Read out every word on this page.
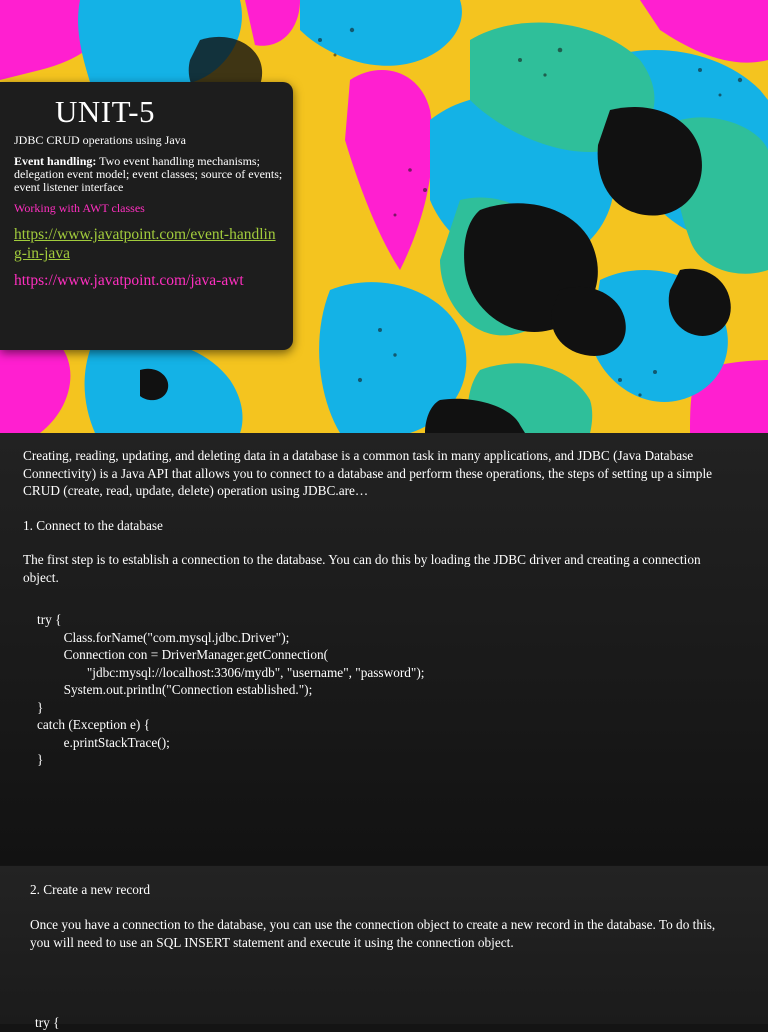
UNIT-5
JDBC CRUD operations using Java
Event handling: Two event handling mechanisms; delegation event model; event classes; source of events; event listener interface
Working with AWT classes
https://www.javatpoint.com/event-handling-in-java
https://www.javatpoint.com/java-awt
Creating, reading, updating, and deleting data in a database is a common task in many applications, and JDBC (Java Database Connectivity) is a Java API that allows you to connect to a database and perform these operations, the steps of setting up a simple CRUD (create, read, update, delete) operation using JDBC.are…
1. Connect to the database
The first step is to establish a connection to the database. You can do this by loading the JDBC driver and creating a connection object.
try {
Class.forName("com.mysql.jdbc.Driver");
Connection con = DriverManager.getConnection(
"jdbc:mysql://localhost:3306/mydb", "username", "password");
System.out.println("Connection established.");
}
catch (Exception e) {
e.printStackTrace();
}
2. Create a new record
Once you have a connection to the database, you can use the connection object to create a new record in the database. To do this, you will need to use an SQL INSERT statement and execute it using the connection object.
try {
